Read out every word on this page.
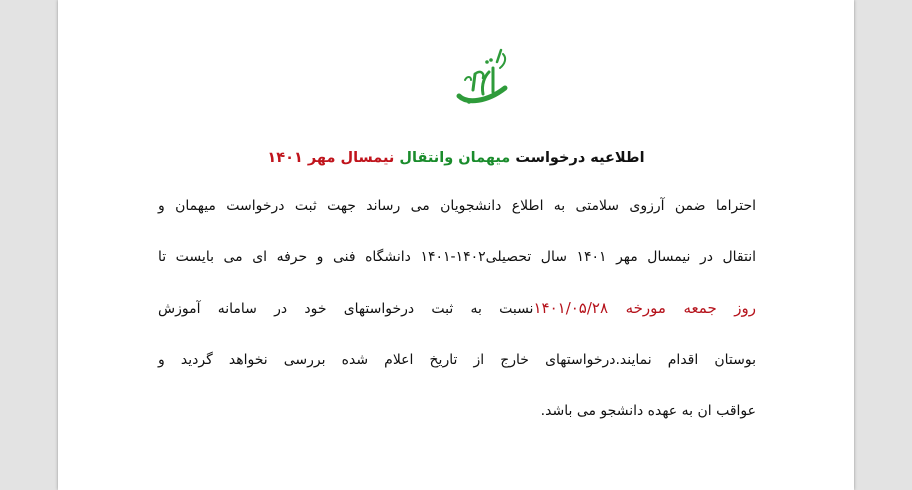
اطلاعیه درخواست میهمان وانتقال نیمسال مهر ۱۴۰۱
احتراما ضمن آرزوی سلامتی به اطلاع دانشجویان می رساند جهت ثبت درخواست میهمان و
انتقال در نیمسال مهر ۱۴۰۱ سال تحصیلی۱۴۰۲-۱۴۰۱ دانشگاه فنی و حرفه ای می بایست تا
روز جمعه مورخه ۱۴۰۱/۰۵/۲۸نسبت به ثبت درخواستهای خود در سامانه آموزش
بوستان اقدام نمایند.درخواستهای خارج از تاریخ اعلام شده بررسی نخواهد گردید و
عواقب ان به عهده دانشجو می باشد.
